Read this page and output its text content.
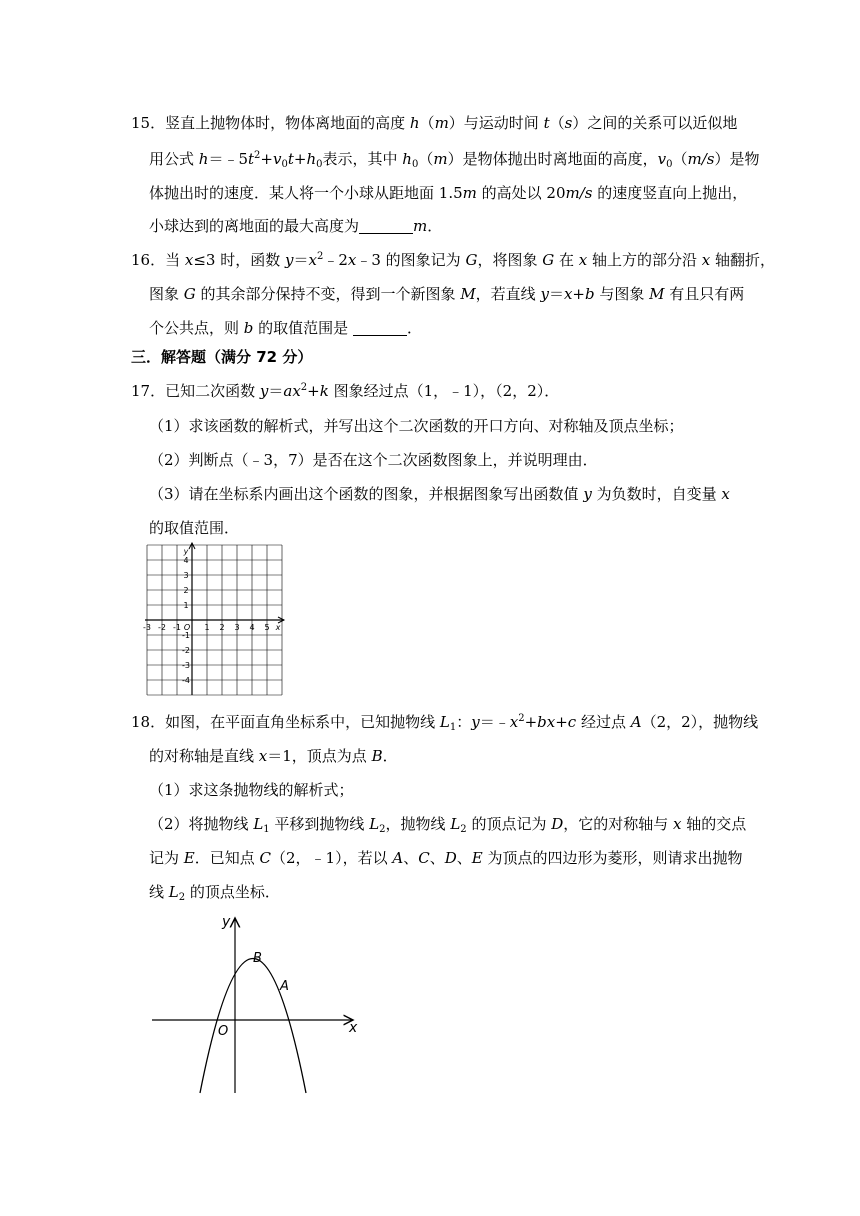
15．竖直上抛物体时，物体离地面的高度 h（m）与运动时间 t（s）之间的关系可以近似地
用公式 $h=﹣5t^2+v_0t+h_0$表示，其中 $h_0(m)$是物体抛出时离地面的高度，$v_0(m/s)$是物
体抛出时的速度．某人将一个小球从距地面 1.5m 的高处以 20m/s 的速度竖直向上抛出，
小球达到的离地面的最大高度为	m．
16．当 x≤3 时，函数 $y=x^2﹣2x﹣3$ 的图象记为 G，将图象 G 在 x 轴上方的部分沿 x 轴翻折，
图象 G 的其余部分保持不变，得到一个新图象 M，若直线 y＝x+b 与图象 M 有且只有两
个公共点，则 b 的取值范围是	．
三．解答题（满分 72 分）
17．已知二次函数 $y=ax^2+k$ 图象经过点（1，﹣1），（2，2）．
（1）求该函数的解析式，并写出这个二次函数的开口方向、对称轴及顶点坐标；
（2）判断点（﹣3，7）是否在这个二次函数图象上，并说明理由．
（3）请在坐标系内画出这个函数的图象，并根据图象写出函数值 y 为负数时，自变量 x
的取值范围．
-3 -2 -1	1 2 3 4 5
4
3
2
1
-1
-2
-3
-4
O	x
y
18．如图，在平面直角坐标系中，已知抛物线 $L_1$：$y=﹣x^2+bx+c$ 经过点 A（2，2），抛物线
的对称轴是直线 x＝1，顶点为点 B．
（1）求这条抛物线的解析式；
（2）将抛物线 $L_1$ 平移到抛物线 $L_2$，抛物线 $L_2$ 的顶点记为 D，它的对称轴与 x 轴的交点
记为 E．已知点 C（2，﹣1），若以 A、C、D、E 为顶点的四边形为菱形，则请求出抛物
线 $L_2$ 的顶点坐标．
y
x
O
B
A
